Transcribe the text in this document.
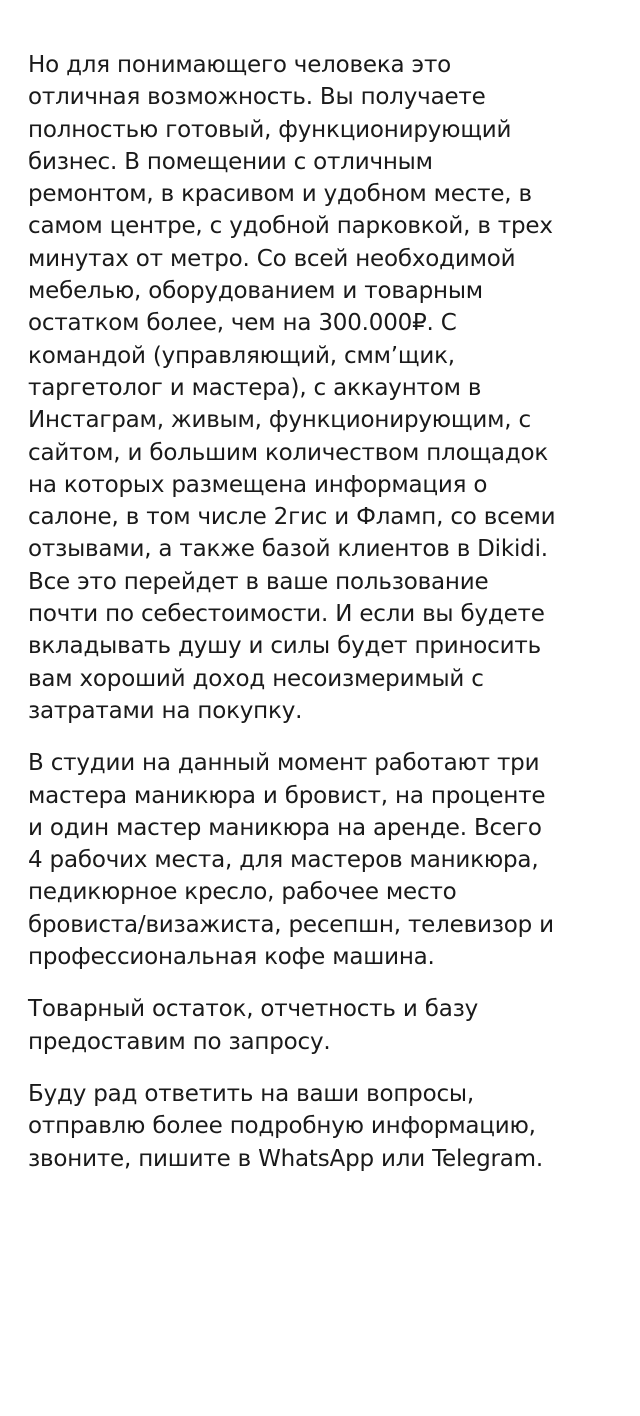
Но для понимающего человека это
отличная возможность. Вы получаете
полностью готовый, функционирующий
бизнес. В помещении с отличным
ремонтом, в красивом и удобном месте, в
самом центре, с удобной парковкой, в трех
минутах от метро. Со всей необходимой
мебелью, оборудованием и товарным
остатком более, чем на 300.000₽. С
командой (управляющий, смм’щик,
таргетолог и мастера), с аккаунтом в
Инстаграм, живым, функционирующим, с
сайтом, и большим количеством площадок
на которых размещена информация о
салоне, в том числе 2гис и Фламп, со всеми
отзывами, а также базой клиентов в Dikidi.
Все это перейдет в ваше пользование
почти по себестоимости. И если вы будете
вкладывать душу и силы будет приносить
вам хороший доход несоизмеримый с
затратами на покупку.

В студии на данный момент работают три
мастера маникюра и бровист, на проценте
и один мастер маникюра на аренде. Всего
4 рабочих места, для мастеров маникюра,
педикюрное кресло, рабочее место
бровиста/визажиста, ресепшн, телевизор и
профессиональная кофе машина.

Товарный остаток, отчетность и базу
предоставим по запросу.

Буду рад ответить на ваши вопросы,
отправлю более подробную информацию,
звоните, пишите в WhatsApp или Telegram.
